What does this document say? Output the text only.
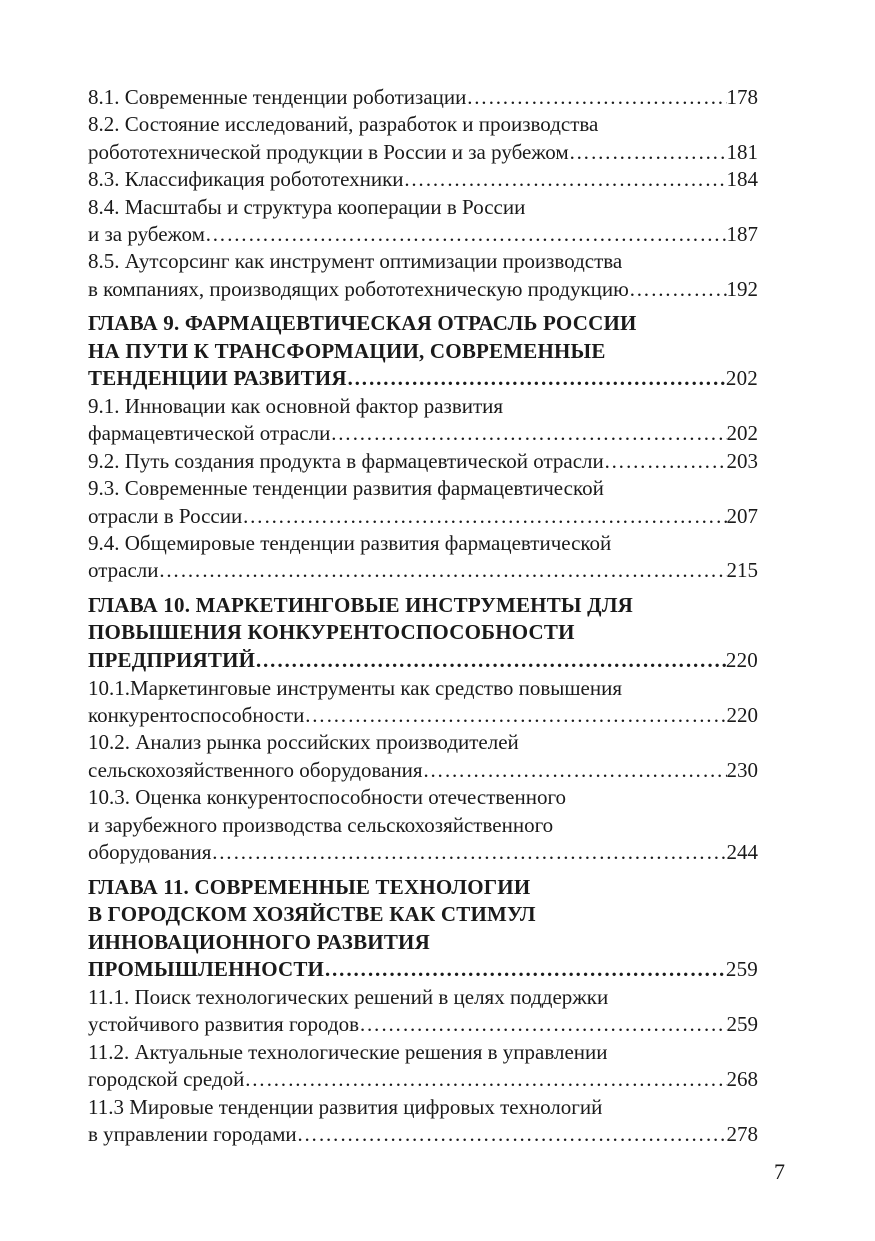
8.1. Современные тенденции роботизации …………………………………………………………………………………………………………………………………………………………………	178
8.2. Состояние исследований, разработок и производства
робототехнической продукции в России и за рубежом …………………………………………………………………………………………………………………………………………………………………	181
8.3. Классификация робототехники …………………………………………………………………………………………………………………………………………………………………	184
8.4. Масштабы и структура кооперации в России
и за рубежом …………………………………………………………………………………………………………………………………………………………………	187
8.5. Аутсорсинг как инструмент оптимизации производства
в компаниях, производящих робототехническую продукцию …………………………………………………………………………………………………………………………………………………………………	192
ГЛАВА 9. ФАРМАЦЕВТИЧЕСКАЯ ОТРАСЛЬ РОССИИ
НА ПУТИ К ТРАНСФОРМАЦИИ, СОВРЕМЕННЫЕ
ТЕНДЕНЦИИ РАЗВИТИЯ …………………………………………………………………………………………………………………………………………………………………	202
9.1. Инновации как основной фактор развития
фармацевтической отрасли …………………………………………………………………………………………………………………………………………………………………	202
9.2. Путь создания продукта в фармацевтической отрасли …………………………………………………………………………………………………………………………………………………………………	203
9.3. Современные тенденции развития фармацевтической
отрасли в России …………………………………………………………………………………………………………………………………………………………………	207
9.4. Общемировые тенденции развития фармацевтической
отрасли …………………………………………………………………………………………………………………………………………………………………	215
ГЛАВА 10. МАРКЕТИНГОВЫЕ ИНСТРУМЕНТЫ ДЛЯ
ПОВЫШЕНИЯ КОНКУРЕНТОСПОСОБНОСТИ
ПРЕДПРИЯТИЙ …………………………………………………………………………………………………………………………………………………………………	220
10.1.Маркетинговые инструменты как средство повышения
конкурентоспособности …………………………………………………………………………………………………………………………………………………………………	220
10.2. Анализ рынка российских производителей
сельскохозяйственного оборудования …………………………………………………………………………………………………………………………………………………………………	230
10.3. Оценка конкурентоспособности отечественного
и зарубежного производства сельскохозяйственного
оборудования …………………………………………………………………………………………………………………………………………………………………	244
ГЛАВА 11. СОВРЕМЕННЫЕ ТЕХНОЛОГИИ
В ГОРОДСКОМ ХОЗЯЙСТВЕ КАК СТИМУЛ
ИННОВАЦИОННОГО РАЗВИТИЯ
ПРОМЫШЛЕННОСТИ …………………………………………………………………………………………………………………………………………………………………	259
11.1. Поиск технологических решений в целях поддержки
устойчивого развития городов …………………………………………………………………………………………………………………………………………………………………	259
11.2. Актуальные технологические решения в управлении
городской средой …………………………………………………………………………………………………………………………………………………………………	268
11.3 Мировые тенденции развития цифровых технологий
в управлении городами …………………………………………………………………………………………………………………………………………………………………	278
7
